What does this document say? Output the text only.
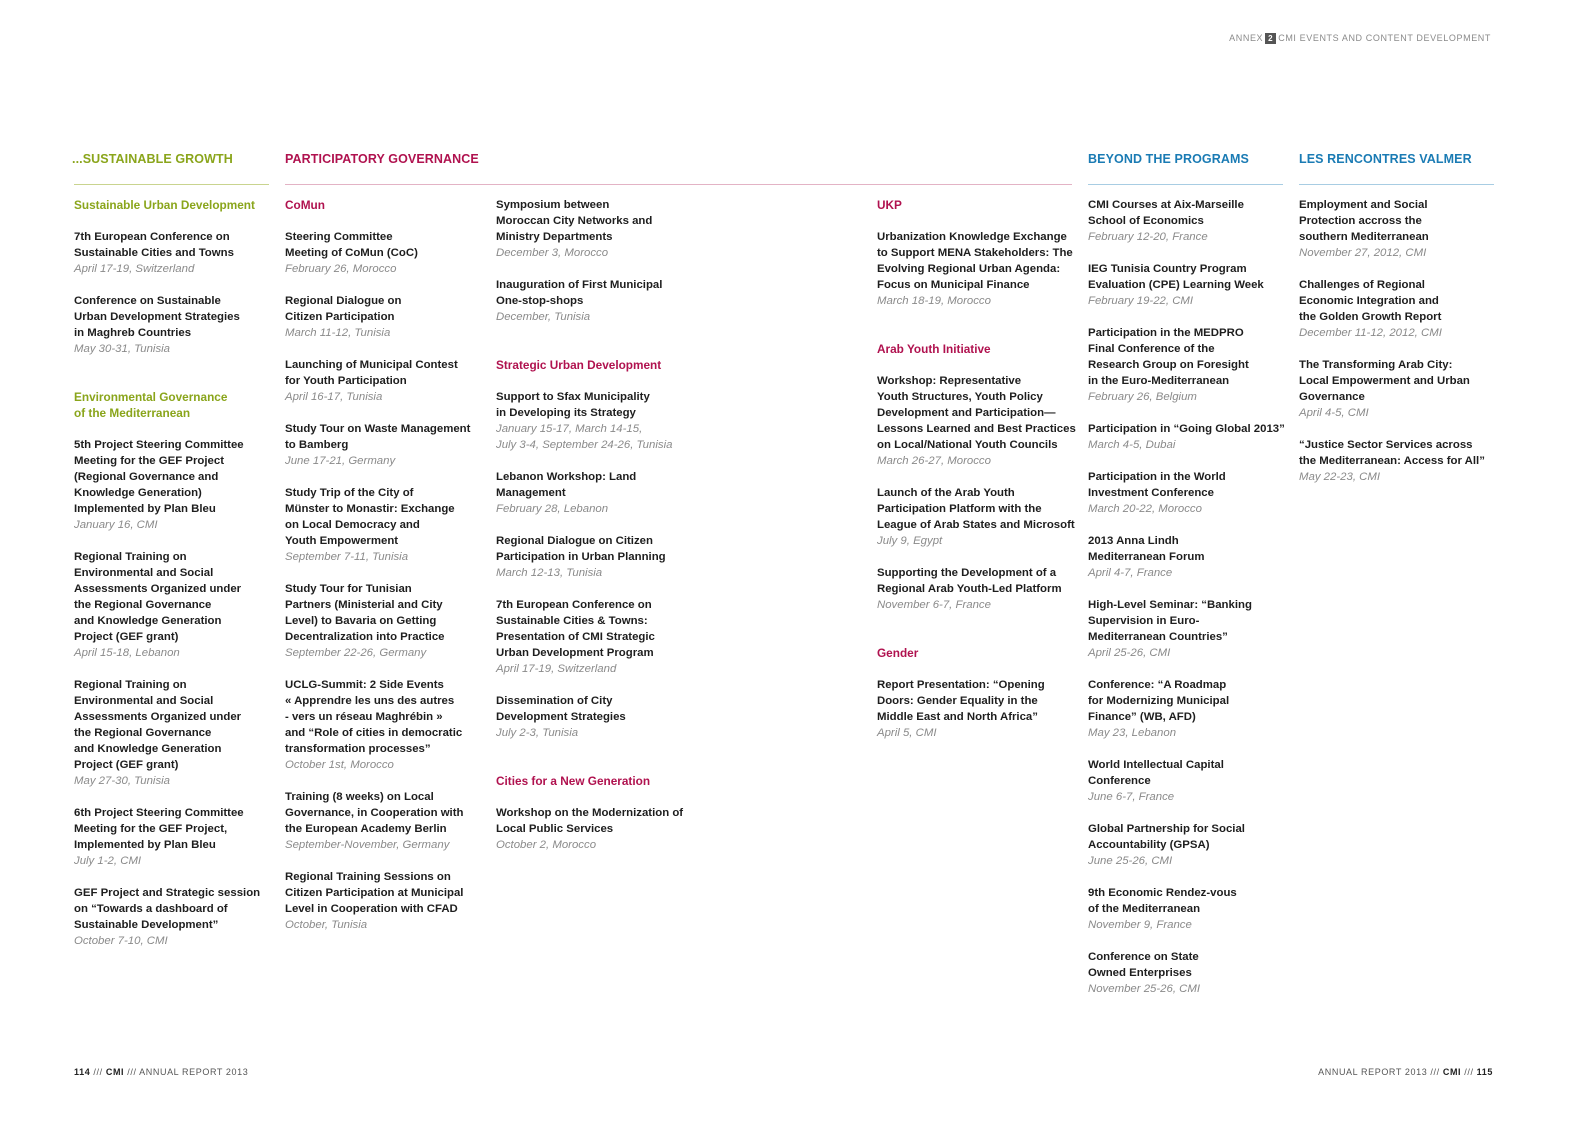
ANNEX 2 CMI EVENTS AND CONTENT DEVELOPMENT
...SUSTAINABLE GROWTH	PARTICIPATORY GOVERNANCE	BEYOND THE PROGRAMS	LES RENCONTRES VALMER
Sustainable Urban Development
7th European Conference on
Sustainable Cities and Towns
April 17-19, Switzerland
Conference on Sustainable
Urban Development Strategies
in Maghreb Countries
May 30-31, Tunisia
Environmental Governance
of the Mediterranean
5th Project Steering Committee
Meeting for the GEF Project
(Regional Governance and
Knowledge Generation)
Implemented by Plan Bleu
January 16, CMI
Regional Training on
Environmental and Social
Assessments Organized under
the Regional Governance
and Knowledge Generation
Project (GEF grant)
April 15-18, Lebanon
Regional Training on
Environmental and Social
Assessments Organized under
the Regional Governance
and Knowledge Generation
Project (GEF grant)
May 27-30, Tunisia
6th Project Steering Committee
Meeting for the GEF Project,
Implemented by Plan Bleu
July 1-2, CMI
GEF Project and Strategic session
on “Towards a dashboard of
Sustainable Development”
October 7-10, CMI
CoMun
Steering Committee
Meeting of CoMun (CoC)
February 26, Morocco
Regional Dialogue on
Citizen Participation
March 11-12, Tunisia
Launching of Municipal Contest
for Youth Participation
April 16-17, Tunisia
Study Tour on Waste Management
to Bamberg
June 17-21, Germany
Study Trip of the City of
Münster to Monastir: Exchange
on Local Democracy and
Youth Empowerment
September 7-11, Tunisia
Study Tour for Tunisian
Partners (Ministerial and City
Level) to Bavaria on Getting
Decentralization into Practice
September 22-26, Germany
UCLG-Summit: 2 Side Events
« Apprendre les uns des autres
- vers un réseau Maghrébin »
and “Role of cities in democratic
transformation processes”
October 1st, Morocco
Training (8 weeks) on Local
Governance, in Cooperation with
the European Academy Berlin
September-November, Germany
Regional Training Sessions on
Citizen Participation at Municipal
Level in Cooperation with CFAD
October, Tunisia
Symposium between
Moroccan City Networks and
Ministry Departments
December 3, Morocco
Inauguration of First Municipal
One-stop-shops
December, Tunisia
Strategic Urban Development
Support to Sfax Municipality
in Developing its Strategy
January 15-17, March 14-15,
July 3-4, September 24-26, Tunisia
Lebanon Workshop: Land
Management
February 28, Lebanon
Regional Dialogue on Citizen
Participation in Urban Planning
March 12-13, Tunisia
7th European Conference on
Sustainable Cities & Towns:
Presentation of CMI Strategic
Urban Development Program
April 17-19, Switzerland
Dissemination of City
Development Strategies
July 2-3, Tunisia
Cities for a New Generation
Workshop on the Modernization of
Local Public Services
October 2, Morocco
UKP
Urbanization Knowledge Exchange
to Support MENA Stakeholders: The
Evolving Regional Urban Agenda:
Focus on Municipal Finance
March 18-19, Morocco
Arab Youth Initiative
Workshop: Representative
Youth Structures, Youth Policy
Development and Participation—
Lessons Learned and Best Practices
on Local/National Youth Councils
March 26-27, Morocco
Launch of the Arab Youth
Participation Platform with the
League of Arab States and Microsoft
July 9, Egypt
Supporting the Development of a
Regional Arab Youth-Led Platform
November 6-7, France
Gender
Report Presentation: “Opening
Doors: Gender Equality in the
Middle East and North Africa”
April 5, CMI
CMI Courses at Aix-Marseille
School of Economics
February 12-20, France
IEG Tunisia Country Program
Evaluation (CPE) Learning Week
February 19-22, CMI
Participation in the MEDPRO
Final Conference of the
Research Group on Foresight
in the Euro-Mediterranean
February 26, Belgium
Participation in “Going Global 2013”
March 4-5, Dubai
Participation in the World
Investment Conference
March 20-22, Morocco
2013 Anna Lindh
Mediterranean Forum
April 4-7, France
High-Level Seminar: “Banking
Supervision in Euro-
Mediterranean Countries”
April 25-26, CMI
Conference: “A Roadmap
for Modernizing Municipal
Finance” (WB, AFD)
May 23, Lebanon
World Intellectual Capital Conference
June 6-7, France
Global Partnership for Social
Accountability (GPSA)
June 25-26, CMI
9th Economic Rendez-vous
of the Mediterranean
November 9, France
Conference on State
Owned Enterprises
November 25-26, CMI
Employment and Social
Protection accross the
southern Mediterranean
November 27, 2012, CMI
Challenges of Regional
Economic Integration and
the Golden Growth Report
December 11-12, 2012, CMI
The Transforming Arab City:
Local Empowerment and Urban
Governance
April 4-5, CMI
“Justice Sector Services across
the Mediterranean: Access for All”
May 22-23, CMI
114 /// CMI /// ANNUAL REPORT 2013	ANNUAL REPORT 2013 /// CMI /// 115
